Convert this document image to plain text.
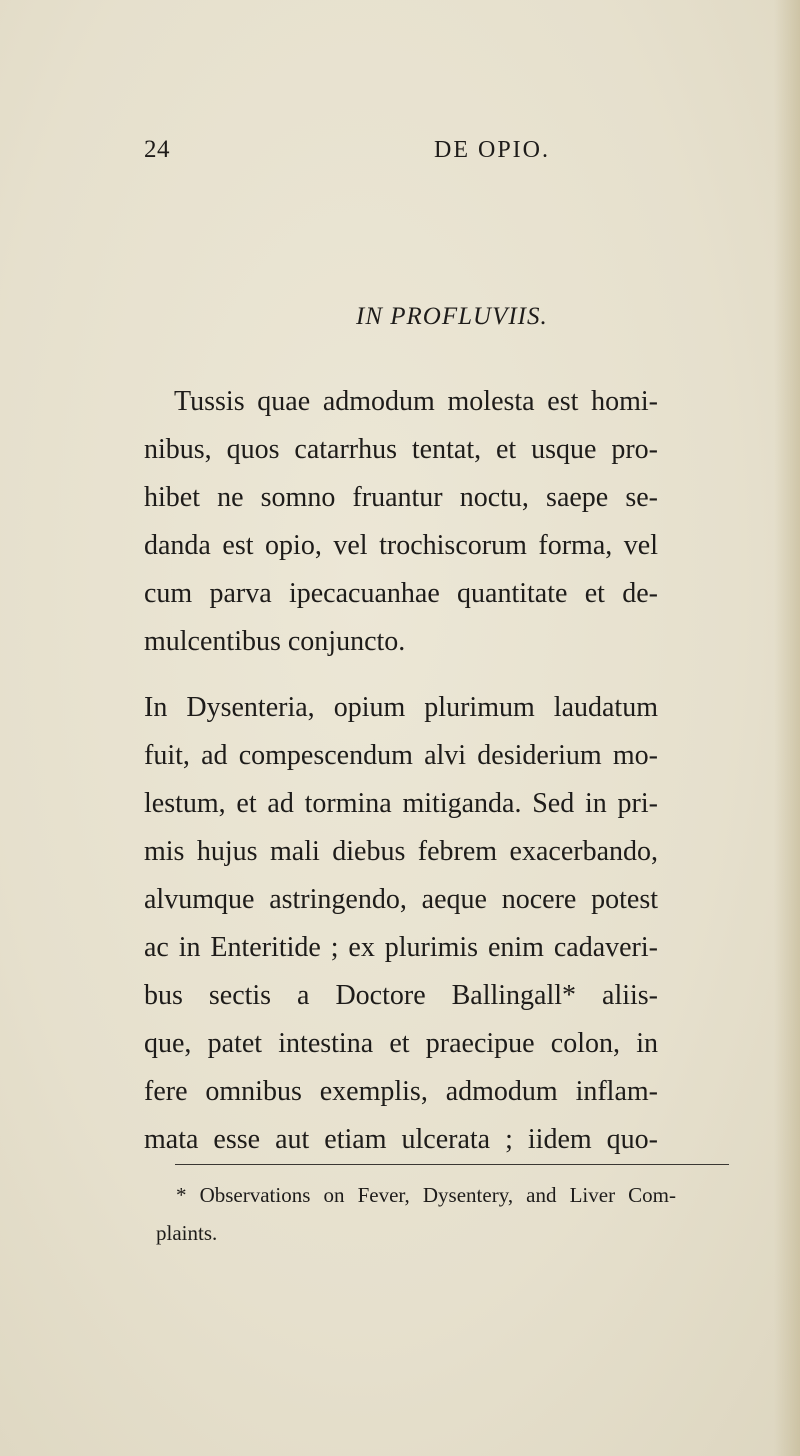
24	DE OPIO.
IN PROFLUVIIS.
Tussis quae admodum molesta est homi-
nibus, quos catarrhus tentat, et usque pro-
hibet ne somno fruantur noctu, saepe se-
danda est opio, vel trochiscorum forma, vel
cum parva ipecacuanhae quantitate et de-
mulcentibus conjuncto.
In Dysenteria, opium plurimum laudatum
fuit, ad compescendum alvi desiderium mo-
lestum, et ad tormina mitiganda. Sed in pri-
mis hujus mali diebus febrem exacerbando,
alvumque astringendo, aeque nocere potest
ac in Enteritide ; ex plurimis enim cadaveri-
bus sectis a Doctore Ballingall* aliis-
que, patet intestina et praecipue colon, in
fere omnibus exemplis, admodum inflam-
mata esse aut etiam ulcerata ; iidem quo-
* Observations on Fever, Dysentery, and Liver Com-
plaints.
